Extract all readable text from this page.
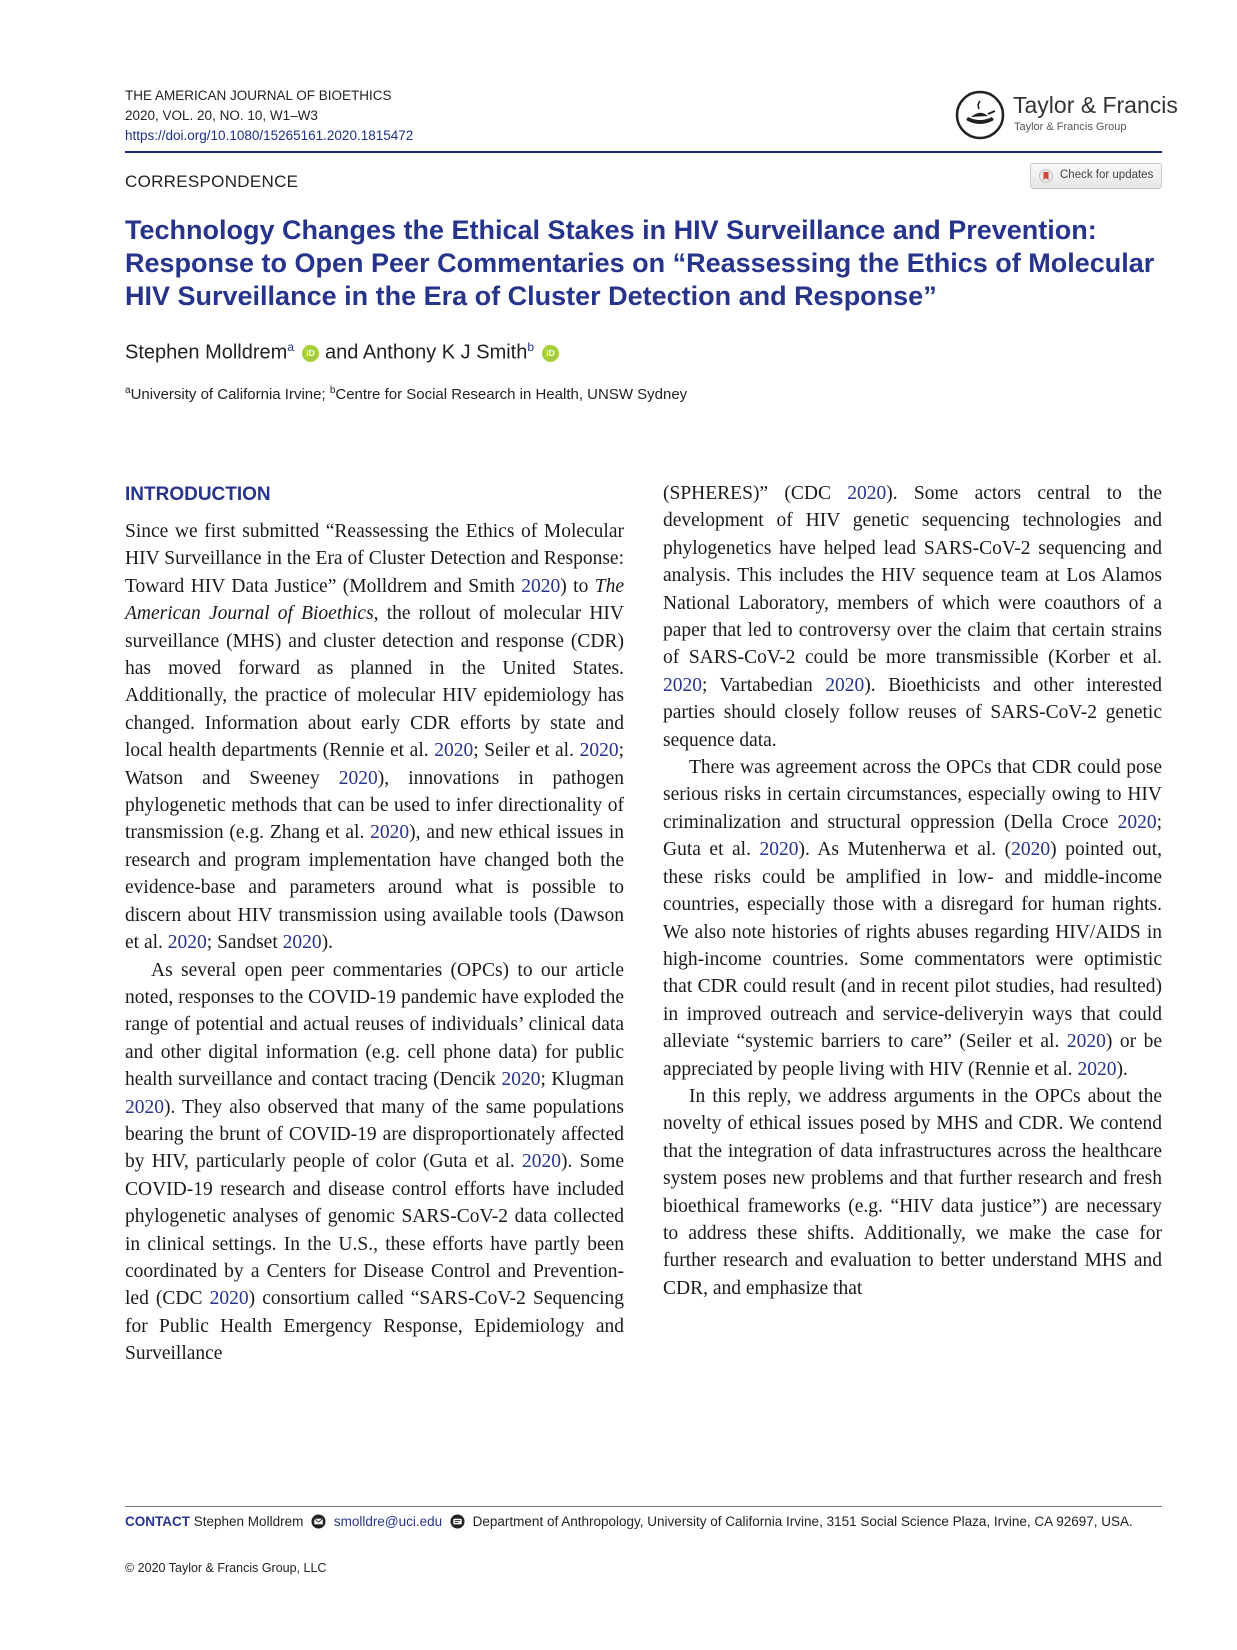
THE AMERICAN JOURNAL OF BIOETHICS
2020, VOL. 20, NO. 10, W1–W3
https://doi.org/10.1080/15265161.2020.1815472
Taylor & Francis
Taylor & Francis Group
CORRESPONDENCE	Check for updates
Technology Changes the Ethical Stakes in HIV Surveillance and Prevention: Response to Open Peer Commentaries on “Reassessing the Ethics of Molecular HIV Surveillance in the Era of Cluster Detection and Response”
Stephen Molldrem$^a$ iD and Anthony K J Smith$^b$ iD
$^a$University of California Irvine; $^b$Centre for Social Research in Health, UNSW Sydney
INTRODUCTION

Since we first submitted “Reassessing the Ethics of Molecular HIV Surveillance in the Era of Cluster Detection and Response: Toward HIV Data Justice” (Molldrem and Smith 2020) to The American Journal of Bioethics, the rollout of molecular HIV surveillance (MHS) and cluster detection and response (CDR) has moved forward as planned in the United States. Additionally, the practice of molecular HIV epidemiology has changed. Information about early CDR efforts by state and local health departments (Rennie et al. 2020; Seiler et al. 2020; Watson and Sweeney 2020), innovations in pathogen phylogenetic methods that can be used to infer directionality of transmission (e.g. Zhang et al. 2020), and new ethical issues in research and program implementation have changed both the evidence-base and parameters around what is possible to discern about HIV transmission using available tools (Dawson et al. 2020; Sandset 2020).

As several open peer commentaries (OPCs) to our article noted, responses to the COVID-19 pandemic have exploded the range of potential and actual reuses of individuals’ clinical data and other digital information (e.g. cell phone data) for public health surveillance and contact tracing (Dencik 2020; Klugman 2020). They also observed that many of the same populations bearing the brunt of COVID-19 are disproportionately affected by HIV, particularly people of color (Guta et al. 2020). Some COVID-19 research and disease control efforts have included phylogenetic analyses of genomic SARS-CoV-2 data collected in clinical settings. In the U.S., these efforts have partly been coordinated by a Centers for Disease Control and Prevention-led (CDC 2020) consortium called “SARS-CoV-2 Sequencing for Public Health Emergency Response, Epidemiology and Surveillance

(SPHERES)” (CDC 2020). Some actors central to the development of HIV genetic sequencing technologies and phylogenetics have helped lead SARS-CoV-2 sequencing and analysis. This includes the HIV sequence team at Los Alamos National Laboratory, members of which were coauthors of a paper that led to controversy over the claim that certain strains of SARS-CoV-2 could be more transmissible (Korber et al. 2020; Vartabedian 2020). Bioethicists and other interested parties should closely follow reuses of SARS-CoV-2 genetic sequence data.

There was agreement across the OPCs that CDR could pose serious risks in certain circumstances, especially owing to HIV criminalization and structural oppression (Della Croce 2020; Guta et al. 2020). As Mutenherwa et al. (2020) pointed out, these risks could be amplified in low- and middle-income countries, especially those with a disregard for human rights. We also note histories of rights abuses regarding HIV/AIDS in high-income countries. Some commentators were optimistic that CDR could result (and in recent pilot studies, had resulted) in improved outreach and service-deliveryin ways that could alleviate “systemic barriers to care” (Seiler et al. 2020) or be appreciated by people living with HIV (Rennie et al. 2020).

In this reply, we address arguments in the OPCs about the novelty of ethical issues posed by MHS and CDR. We contend that the integration of data infrastructures across the healthcare system poses new problems and that further research and fresh bioethical frameworks (e.g. “HIV data justice”) are necessary to address these shifts. Additionally, we make the case for further research and evaluation to better understand MHS and CDR, and emphasize that

CONTACT Stephen Molldrem smolldre@uci.edu Department of Anthropology, University of California Irvine, 3151 Social Science Plaza, Irvine, CA 92697, USA.
© 2020 Taylor & Francis Group, LLC
